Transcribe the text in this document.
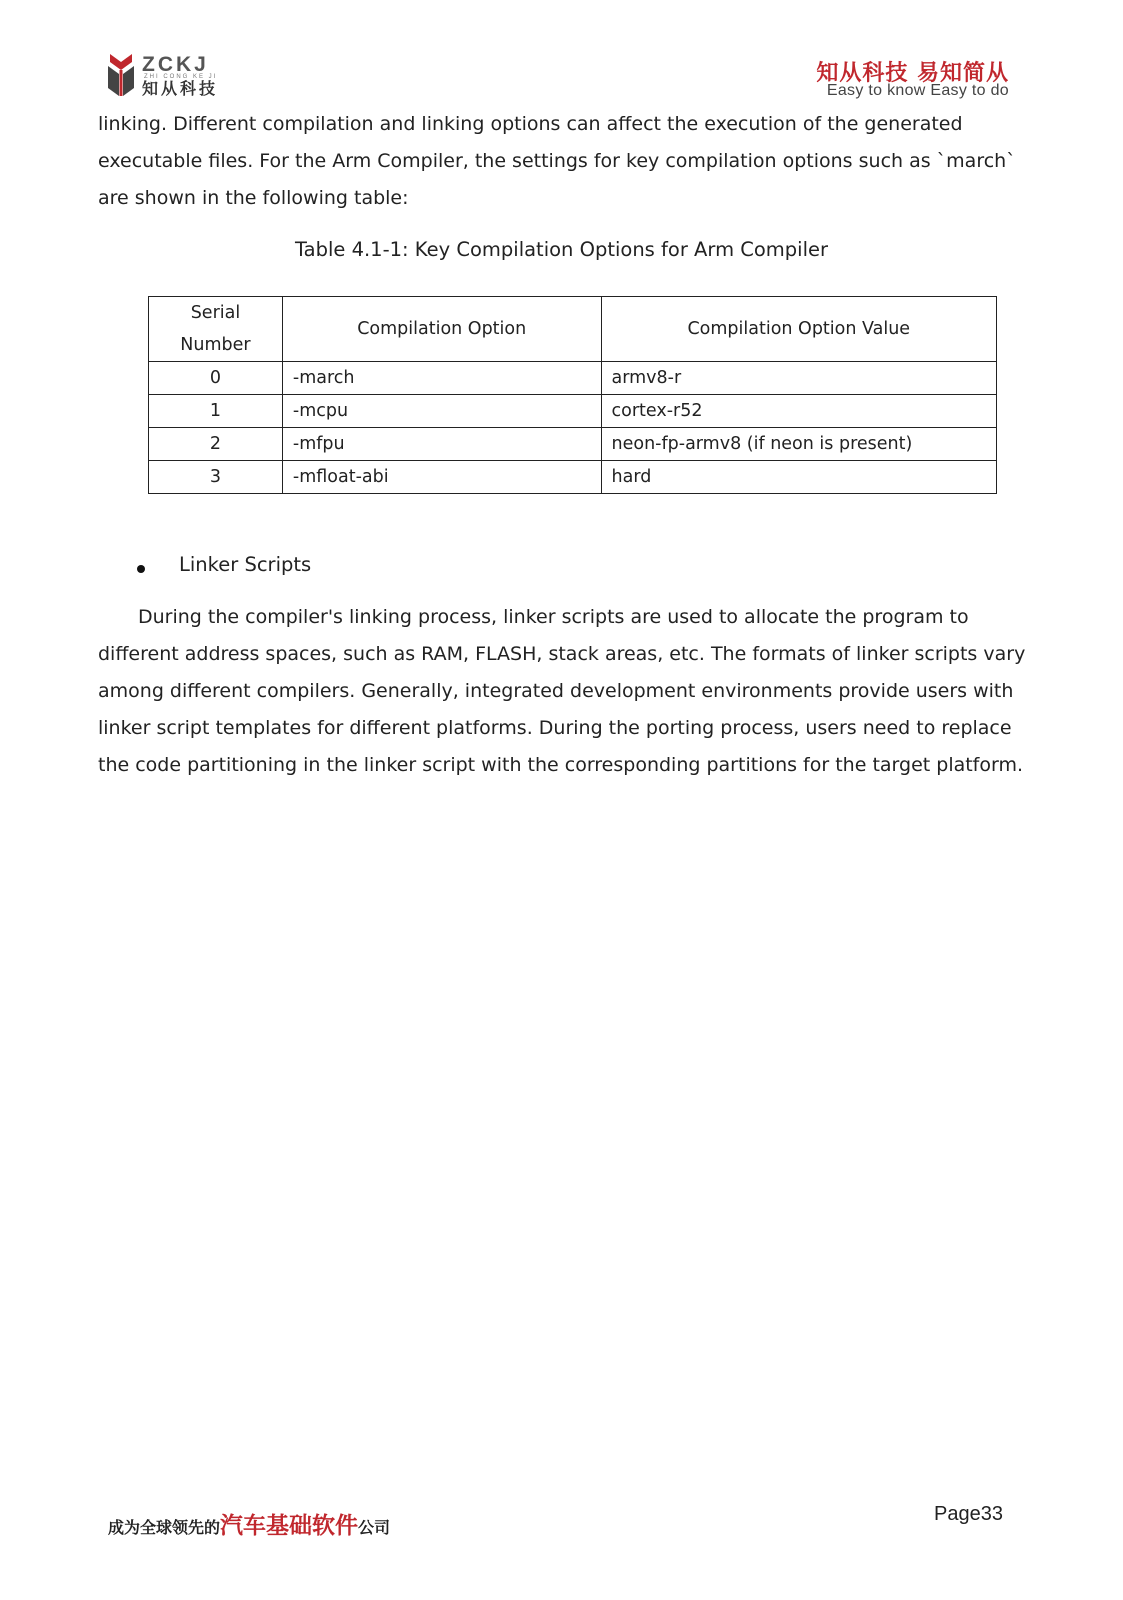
ZCKJ
ZHI CONG KE JI
知从科技
知从科技 易知简从
Easy to know Easy to do
linking. Different compilation and linking options can affect the execution of the generated executable files. For the Arm Compiler, the settings for key compilation options such as `march` are shown in the following table:
Table 4.1-1: Key Compilation Options for Arm Compiler
Serial Number	Compilation Option	Compilation Option Value
0	-march	armv8-r
1	-mcpu	cortex-r52
2	-mfpu	neon-fp-armv8 (if neon is present)
3	-mfloat-abi	hard
Linker Scripts
During the compiler's linking process, linker scripts are used to allocate the program to different address spaces, such as RAM, FLASH, stack areas, etc. The formats of linker scripts vary among different compilers. Generally, integrated development environments provide users with linker script templates for different platforms. During the porting process, users need to replace the code partitioning in the linker script with the corresponding partitions for the target platform.
成为全球领先的汽车基础软件公司
Page33
